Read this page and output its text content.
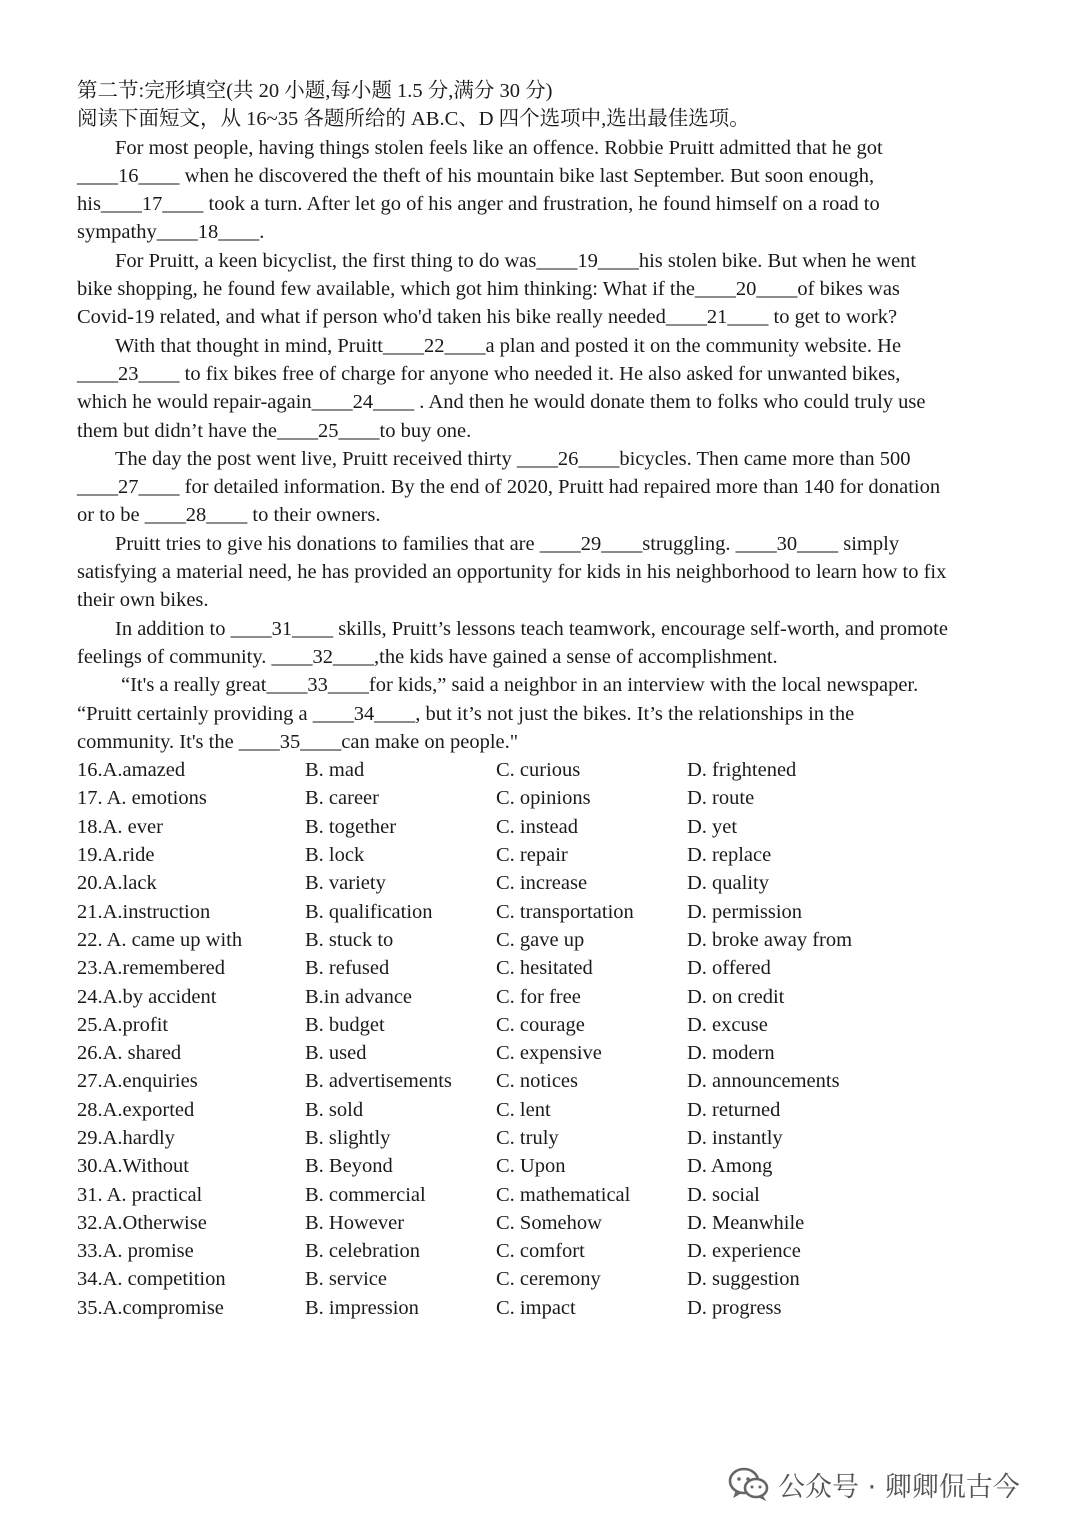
第二节:完形填空(共 20 小题,每小题 1.5 分,满分 30 分)
阅读下面短文，从 16~35 各题所给的 AB.C、D 四个选项中,选出最佳选项。
For most people, having things stolen feels like an offence. Robbie Pruitt admitted that he got
____16____ when he discovered the theft of his mountain bike last September. But soon enough,
his____17____ took a turn. After let go of his anger and frustration, he found himself on a road to
sympathy____18____.
For Pruitt, a keen bicyclist, the first thing to do was____19____his stolen bike. But when he went
bike shopping, he found few available, which got him thinking: What if the____20____of bikes was
Covid-19 related, and what if person who'd taken his bike really needed____21____ to get to work?
With that thought in mind, Pruitt____22____a plan and posted it on the community website. He
____23____ to fix bikes free of charge for anyone who needed it. He also asked for unwanted bikes,
which he would repair-again____24____ . And then he would donate them to folks who could truly use
them but didn’t have the____25____to buy one.
The day the post went live, Pruitt received thirty ____26____bicycles. Then came more than 500
____27____ for detailed information. By the end of 2020, Pruitt had repaired more than 140 for donation
or to be ____28____ to their owners.
Pruitt tries to give his donations to families that are ____29____struggling. ____30____ simply
satisfying a material need, he has provided an opportunity for kids in his neighborhood to learn how to fix
their own bikes.
In addition to ____31____ skills, Pruitt’s lessons teach teamwork, encourage self-worth, and promote
feelings of community. ____32____,the kids have gained a sense of accomplishment.
“It's a really great____33____for kids,” said a neighbor in an interview with the local newspaper.
“Pruitt certainly providing a ____34____, but it’s not just the bikes. It’s the relationships in the
community. It's the ____35____can make on people."
16.A.amazed	B. mad	C. curious	D. frightened
17. A. emotions	B. career	C. opinions	D. route
18.A. ever	B. together	C. instead	D. yet
19.A.ride	B. lock	C. repair	D. replace
20.A.lack	B. variety	C. increase	D. quality
21.A.instruction	B. qualification	C. transportation	D. permission
22. A. came up with	B. stuck to	C. gave up	D. broke away from
23.A.remembered	B. refused	C. hesitated	D. offered
24.A.by accident	B.in advance	C. for free	D. on credit
25.A.profit	B. budget	C. courage	D. excuse
26.A. shared	B. used	C. expensive	D. modern
27.A.enquiries	B. advertisements	C. notices	D. announcements
28.A.exported	B. sold	C. lent	D. returned
29.A.hardly	B. slightly	C. truly	D. instantly
30.A.Without	B. Beyond	C. Upon	D. Among
31. A. practical	B. commercial	C. mathematical	D. social
32.A.Otherwise	B. However	C. Somehow	D. Meanwhile
33.A. promise	B. celebration	C. comfort	D. experience
34.A. competition	B. service	C. ceremony	D. suggestion
35.A.compromise	B. impression	C. impact	D. progress
公众号 · 卿卿侃古今
